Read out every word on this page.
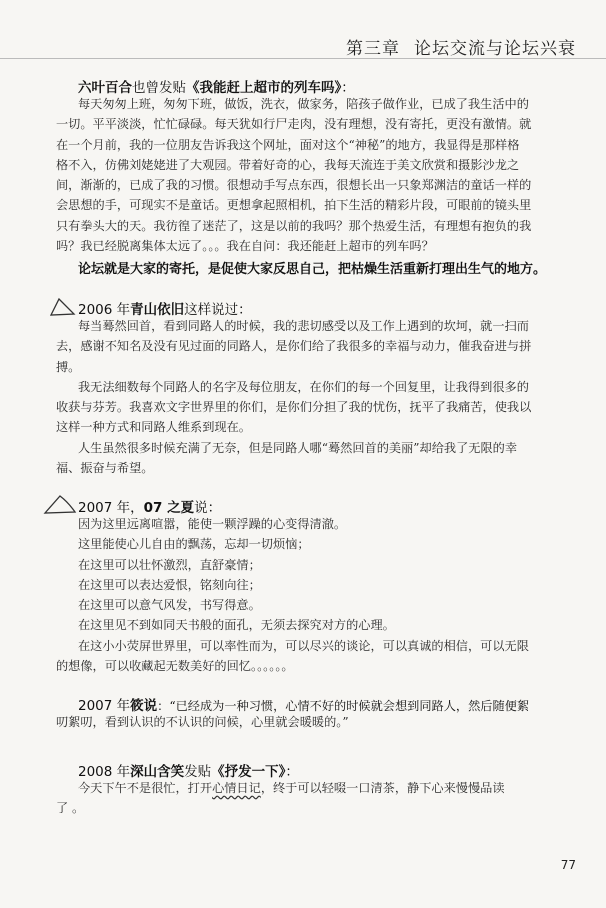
第三章 论坛交流与论坛兴衰
六叶百合也曾发贴《我能赶上超市的列车吗》：
每天匆匆上班，匆匆下班，做饭，洗衣，做家务，陪孩子做作业，已成了我生活中的
一切。平平淡淡，忙忙碌碌。每天犹如行尸走肉，没有理想，没有寄托，更没有激情。就
在一个月前，我的一位朋友告诉我这个网址，面对这个“神秘”的地方，我显得是那样格
格不入，仿佛刘姥姥进了大观园。带着好奇的心，我每天流连于美文欣赏和摄影沙龙之
间，渐渐的，已成了我的习惯。很想动手写点东西，很想长出一只象郑渊洁的童话一样的
会思想的手，可现实不是童话。更想拿起照相机，拍下生活的精彩片段，可眼前的镜头里
只有拳头大的天。我彷徨了迷茫了，这是以前的我吗？那个热爱生活，有理想有抱负的我
吗？我已经脱离集体太远了。。。我在自问：我还能赶上超市的列车吗？
论坛就是大家的寄托，是促使大家反思自己，把枯燥生活重新打理出生气的地方。
2006 年青山依旧这样说过：
每当蓦然回首，看到同路人的时候，我的悲切感受以及工作上遇到的坎坷，就一扫而
去，感谢不知名及没有见过面的同路人，是你们给了我很多的幸福与动力，催我奋进与拼
搏。
我无法细数每个同路人的名字及每位朋友，在你们的每一个回复里，让我得到很多的
收获与芬芳。我喜欢文字世界里的你们，是你们分担了我的忧伤，抚平了我痛苦，使我以
这样一种方式和同路人维系到现在。
人生虽然很多时候充满了无奈，但是同路人哪“蓦然回首的美丽”却给我了无限的幸
福、振奋与希望。
2007 年，07 之夏说：
因为这里远离喧嚣，能使一颗浮躁的心变得清澈。
这里能使心儿自由的飘荡，忘却一切烦恼；
在这里可以壮怀激烈，直舒豪情；
在这里可以表达爱恨，铭刻向往；
在这里可以意气风发，书写得意。
在这里见不到如同天书般的面孔，无须去探究对方的心理。
在这小小荧屏世界里，可以率性而为，可以尽兴的谈论，可以真诚的相信，可以无限
的想像，可以收藏起无数美好的回忆。。。。。。
2007 年筱说：“已经成为一种习惯，心情不好的时候就会想到同路人，然后随便絮
叨絮叨，看到认识的不认识的问候，心里就会暖暖的。”
2008 年深山含笑发贴《抒发一下》：
今天下午不是很忙，打开心情日记，终于可以轻啜一口清茶，静下心来慢慢品读
了 。
77
